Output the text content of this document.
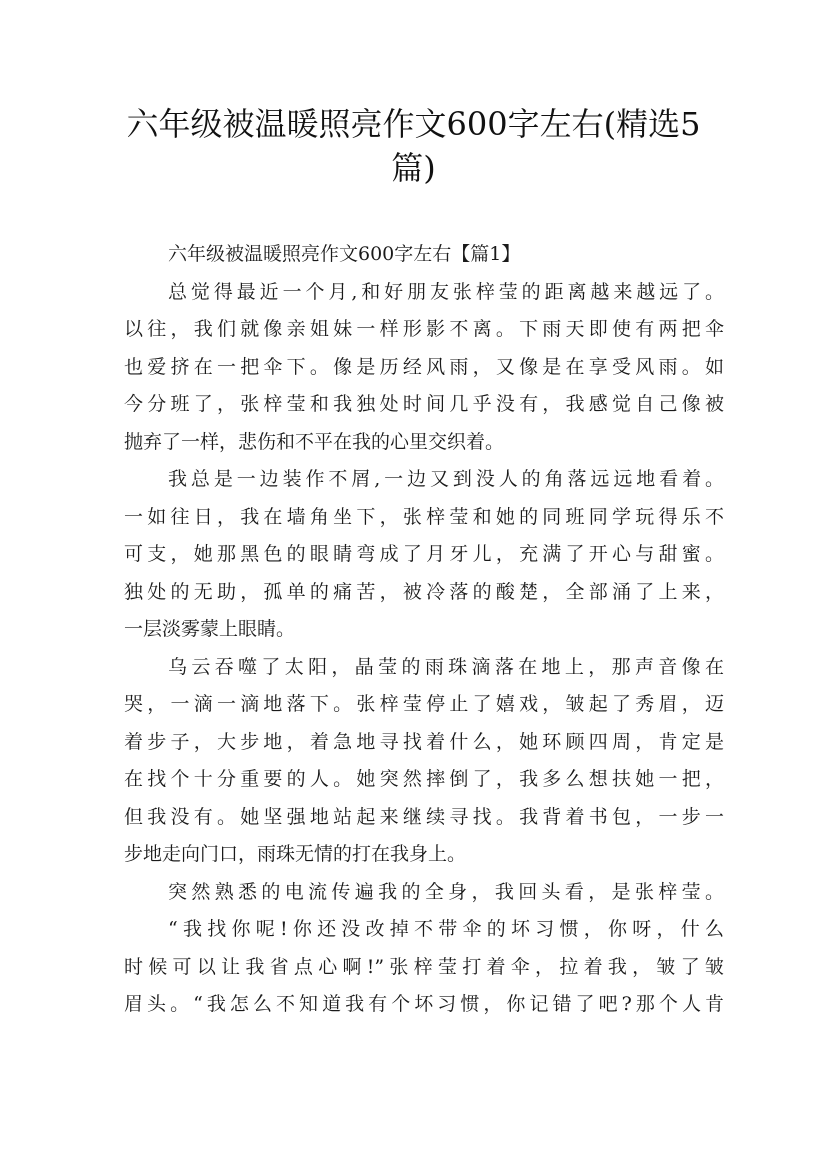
六年级被温暖照亮作文600字左右(精选5篇)
六年级被温暖照亮作文600字左右【篇1】
总觉得最近一个月,和好朋友张梓莹的距离越来越远了。
以往，我们就像亲姐妹一样形影不离。下雨天即使有两把伞
也爱挤在一把伞下。像是历经风雨，又像是在享受风雨。如
今分班了，张梓莹和我独处时间几乎没有，我感觉自己像被
抛弃了一样，悲伤和不平在我的心里交织着。
我总是一边装作不屑,一边又到没人的角落远远地看着。
一如往日，我在墙角坐下，张梓莹和她的同班同学玩得乐不
可支，她那黑色的眼睛弯成了月牙儿，充满了开心与甜蜜。
独处的无助，孤单的痛苦，被冷落的酸楚，全部涌了上来，
一层淡雾蒙上眼睛。
乌云吞噬了太阳，晶莹的雨珠滴落在地上，那声音像在
哭，一滴一滴地落下。张梓莹停止了嬉戏，皱起了秀眉，迈
着步子，大步地，着急地寻找着什么，她环顾四周，肯定是
在找个十分重要的人。她突然摔倒了，我多么想扶她一把，
但我没有。她坚强地站起来继续寻找。我背着书包，一步一
步地走向门口，雨珠无情的打在我身上。
突然熟悉的电流传遍我的全身，我回头看，是张梓莹。
“我找你呢!你还没改掉不带伞的坏习惯，你呀，什么
时候可以让我省点心啊!”张梓莹打着伞，拉着我，皱了皱
眉头。“我怎么不知道我有个坏习惯，你记错了吧?那个人肯
